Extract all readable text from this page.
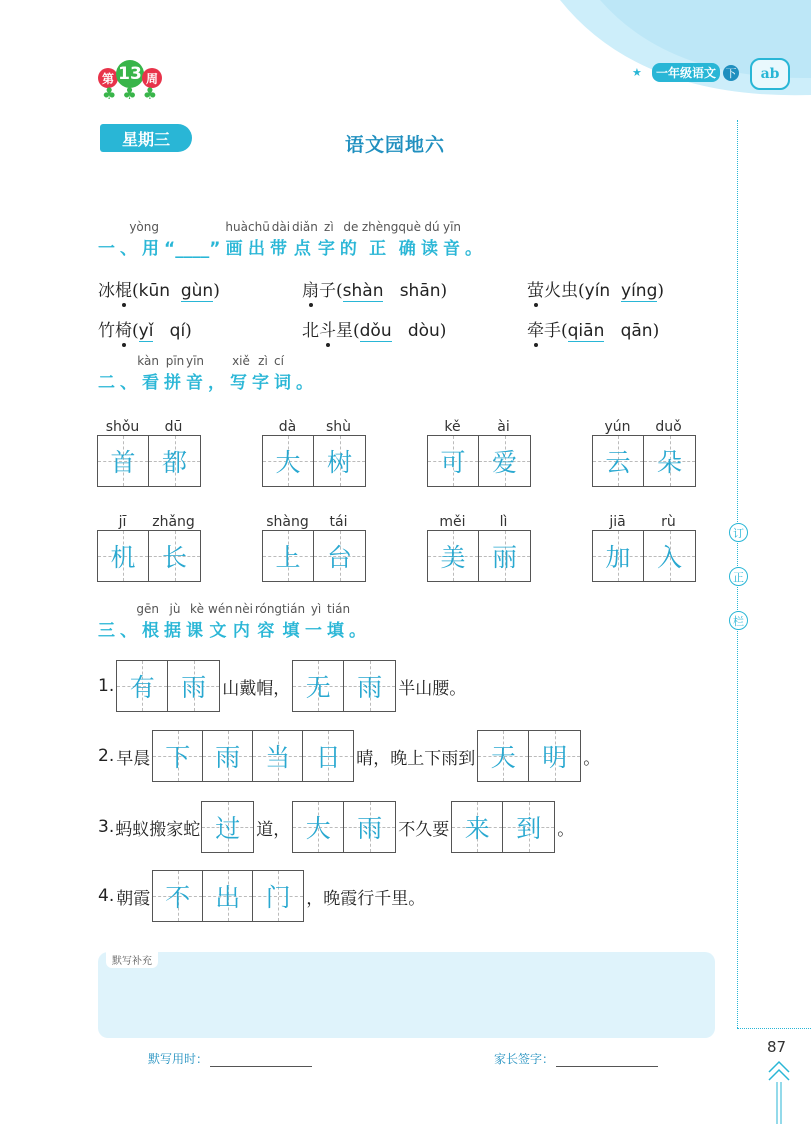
★	一年级语文 下	ab
第 13 周
♣♣♣
星期三	语文园地六
订
正
栏
yòng
一、用
“
____
”
huà
画
chū
出
dài
带
diǎn
点
zì
字
de
的
zhèng
正
què
确
dú
读
yīn
音。
冰棍(kūn gùn)	扇子(shàn shān)	萤火虫(yín yíng)
竹椅(yǐ qí)	北斗星(dǒu dòu)	牵手(qiān qān)
kàn
二、看
pīn
拼
yīn
音，
xiě
写
zì
字
cí
词。
shǒu dū
首 都
dà shù
大 树
kě	ài
可 爱
yún duǒ
云 朵
jī zhǎng
机 长
shàng tái
上 台
měi lì
美 丽
jiā	rù
加 入
gēn
三、根
jù
据
kè
课
wén
文
nèi
内
róng
容
tián
填
yì
一
tián
填。
1. 有 雨 山戴帽， 无 雨 半山腰。
2. 早晨 下 雨 当 日 晴，晚上下雨到 天 明 。
3. 蚂蚁搬家蛇 过 道， 大 雨 不久要 来 到 。
4. 朝霞 不 出 门 ，晚霞行千里。
默写补充
默写用时：	家长签字：
87
